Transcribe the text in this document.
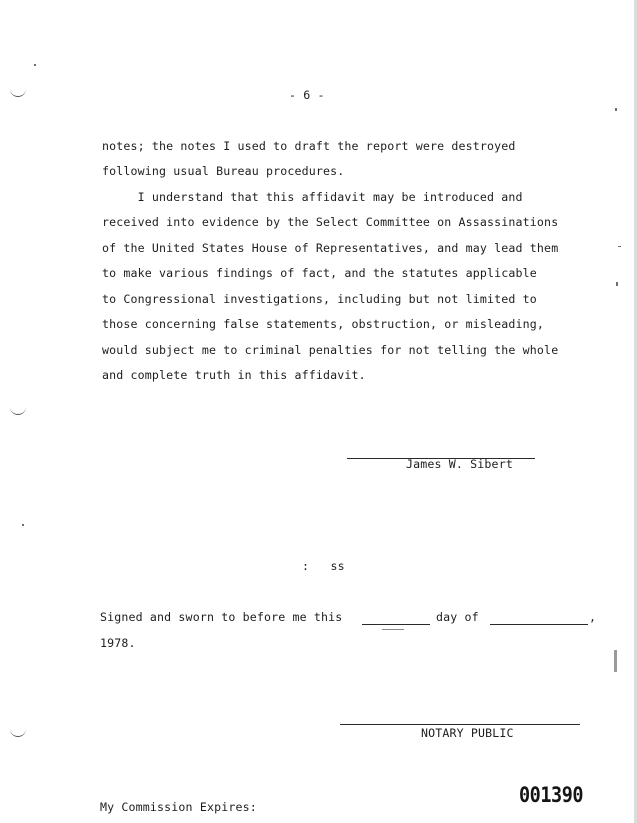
- 6 -
notes; the notes I used to draft the report were destroyed
following usual Bureau procedures.
I understand that this affidavit may be introduced and
received into evidence by the Select Committee on Assassinations
of the United States House of Representatives, and may lead them
to make various findings of fact, and the statutes applicable
to Congressional investigations, including but not limited to
those concerning false statements, obstruction, or misleading,
would subject me to criminal penalties for not telling the whole
and complete truth in this affidavit.
James W. Sibert
:   ss
Signed and sworn to before me this	day of	,
1978.
NOTARY PUBLIC
001390
My Commission Expires:
